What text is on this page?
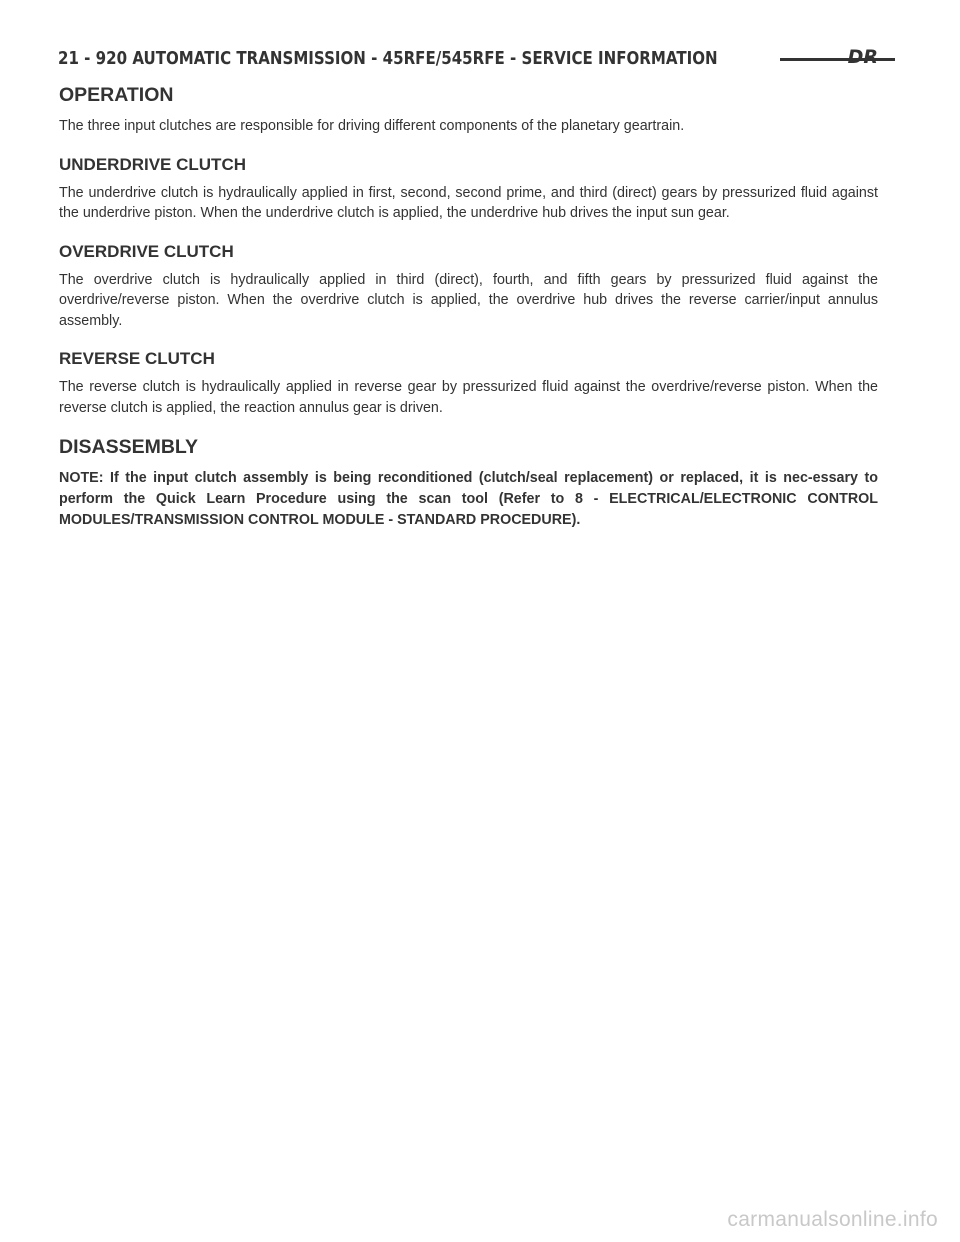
21 - 920 AUTOMATIC TRANSMISSION - 45RFE/545RFE - SERVICE INFORMATION	DR
OPERATION

The three input clutches are responsible for driving different components of the planetary geartrain.

UNDERDRIVE CLUTCH

The underdrive clutch is hydraulically applied in first, second, second prime, and third (direct) gears by pressurized fluid against the underdrive piston. When the underdrive clutch is applied, the underdrive hub drives the input sun gear.

OVERDRIVE CLUTCH

The overdrive clutch is hydraulically applied in third (direct), fourth, and fifth gears by pressurized fluid against the overdrive/reverse piston. When the overdrive clutch is applied, the overdrive hub drives the reverse carrier/input annulus assembly.

REVERSE CLUTCH

The reverse clutch is hydraulically applied in reverse gear by pressurized fluid against the overdrive/reverse piston. When the reverse clutch is applied, the reaction annulus gear is driven.

DISASSEMBLY

NOTE: If the input clutch assembly is being reconditioned (clutch/seal replacement) or replaced, it is nec-essary to perform the Quick Learn Procedure using the scan tool (Refer to 8 - ELECTRICAL/ELECTRONIC CONTROL MODULES/TRANSMISSION CONTROL MODULE - STANDARD PROCEDURE).

carmanualsonline.info
